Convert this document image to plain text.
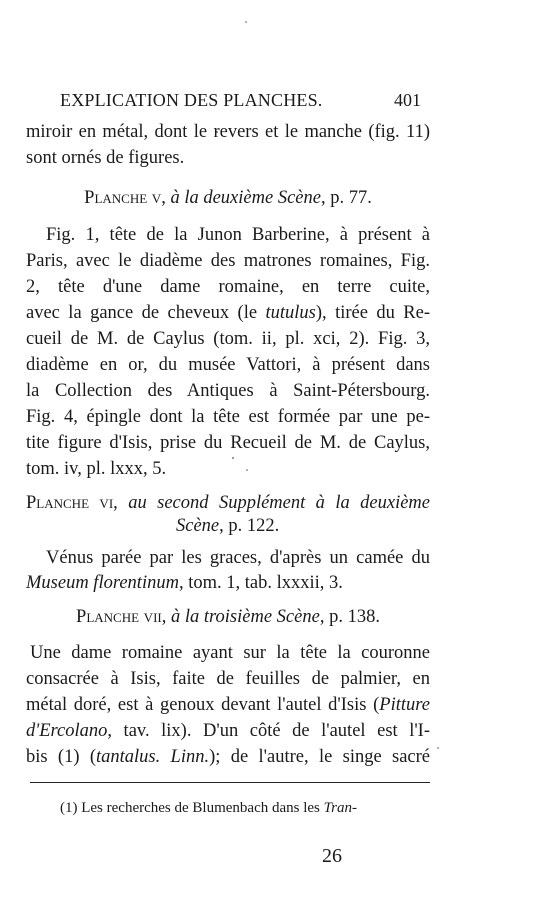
EXPLICATION DES PLANCHES.	401
miroir en métal, dont le revers et le manche (fig. 11)
sont ornés de figures.
Planche v, à la deuxième Scène, p. 77.
Fig. 1, tête de la Junon Barberine, à présent à
Paris, avec le diadème des matrones romaines, Fig.
2, tête d'une dame romaine, en terre cuite,
avec la gance de cheveux (le tutulus), tirée du Re-
cueil de M. de Caylus (tom. ii, pl. xci, 2). Fig. 3,
diadème en or, du musée Vattori, à présent dans
la Collection des Antiques à Saint-Pétersbourg.
Fig. 4, épingle dont la tête est formée par une pe-
tite figure d'Isis, prise du Recueil de M. de Caylus,
tom. iv, pl. lxxx, 5.
Planche vi, au second Supplément à la deuxième
Scène, p. 122.
Vénus parée par les graces, d'après un camée du
Museum florentinum, tom. 1, tab. lxxxii, 3.
Planche vii, à la troisième Scène, p. 138.
Une dame romaine ayant sur la tête la couronne
consacrée à Isis, faite de feuilles de palmier, en
métal doré, est à genoux devant l'autel d'Isis (Pitture
d'Ercolano, tav. lix). D'un côté de l'autel est l'I-
bis (1) (tantalus. Linn.); de l'autre, le singe sacré
(1) Les recherches de Blumenbach dans les Tran-
26
